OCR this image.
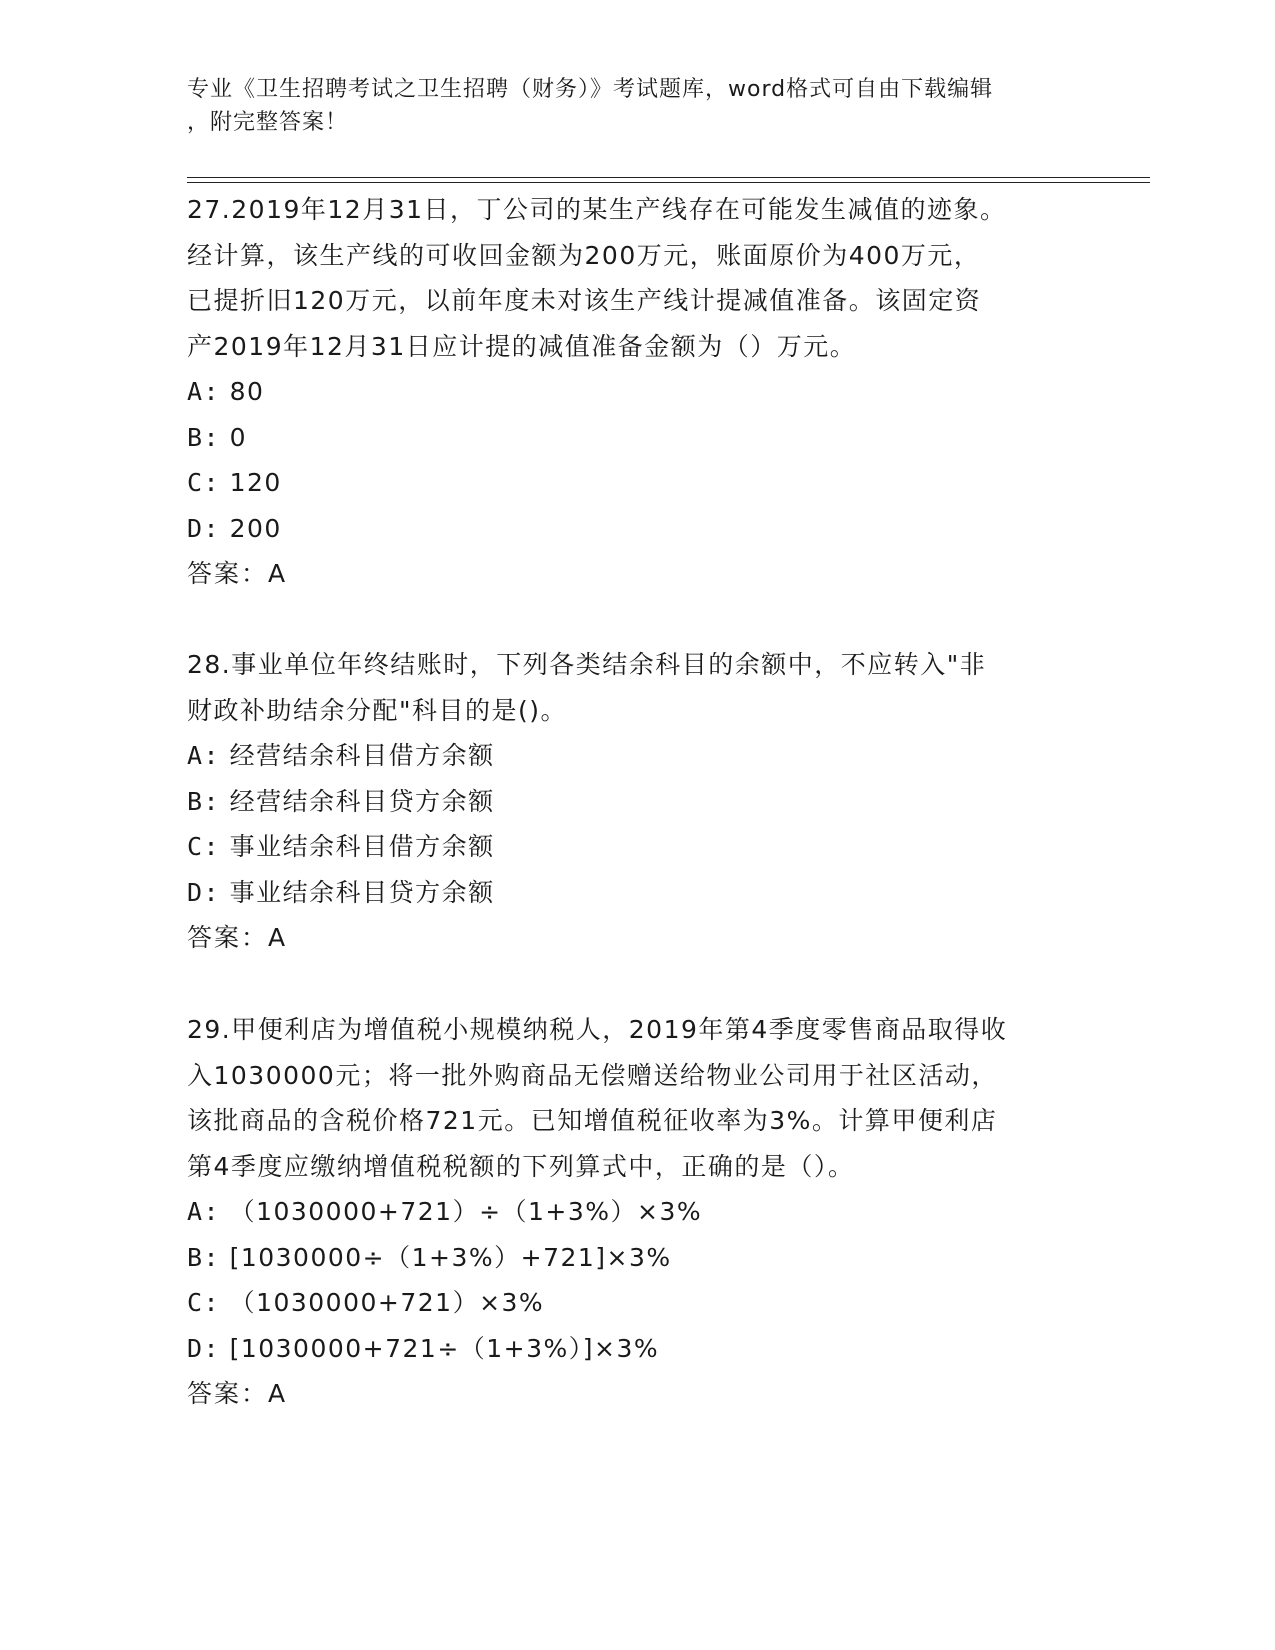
专业《卫生招聘考试之卫生招聘（财务）》考试题库，word格式可自由下载编辑
，附完整答案！
27.2019年12月31日，丁公司的某生产线存在可能发生减值的迹象。
经计算，该生产线的可收回金额为200万元，账面原价为400万元，
已提折旧120万元，以前年度未对该生产线计提减值准备。该固定资
产2019年12月31日应计提的减值准备金额为（）万元。
A: 80
B: 0
C: 120
D: 200
答案：A
28.事业单位年终结账时，下列各类结余科目的余额中，不应转入"非
财政补助结余分配"科目的是()。
A: 经营结余科目借方余额
B: 经营结余科目贷方余额
C: 事业结余科目借方余额
D: 事业结余科目贷方余额
答案：A
29.甲便利店为增值税小规模纳税人，2019年第4季度零售商品取得收
入1030000元；将一批外购商品无偿赠送给物业公司用于社区活动，
该批商品的含税价格721元。已知增值税征收率为3%。计算甲便利店
第4季度应缴纳增值税税额的下列算式中，正确的是（）。
A: （1030000+721）÷（1+3%）×3%
B: [1030000÷（1+3%）+721]×3%
C: （1030000+721）×3%
D: [1030000+721÷（1+3%）]×3%
答案：A
